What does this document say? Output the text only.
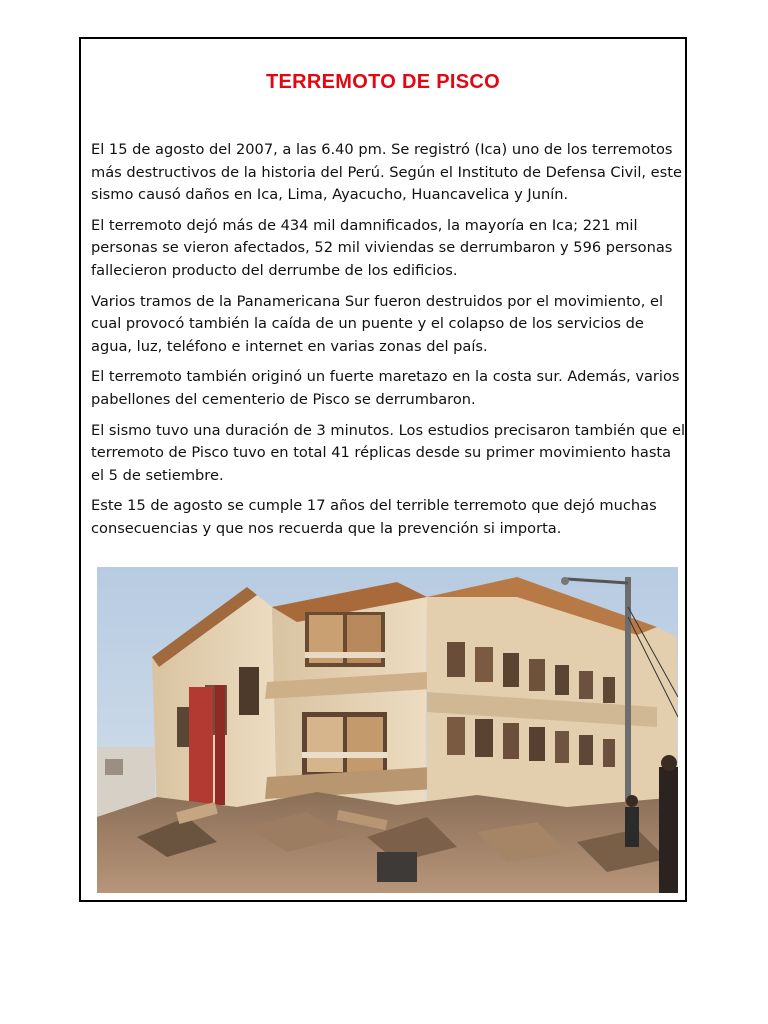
TERREMOTO DE PISCO

El 15 de agosto del 2007, a las 6.40 pm. Se registró (Ica) uno de los terremotos más destructivos de la historia del Perú. Según el Instituto de Defensa Civil, este sismo causó daños en Ica, Lima, Ayacucho, Huancavelica y Junín.

El terremoto dejó más de 434 mil damnificados, la mayoría en Ica; 221 mil personas se vieron afectados, 52 mil viviendas se derrumbaron y 596 personas fallecieron producto del derrumbe de los edificios.

Varios tramos de la Panamericana Sur fueron destruidos por el movimiento, el cual provocó también la caída de un puente y el colapso de los servicios de agua, luz, teléfono e internet en varias zonas del país.

El terremoto también originó un fuerte maretazo en la costa sur. Además, varios pabellones del cementerio de Pisco se derrumbaron.

El sismo tuvo una duración de 3 minutos. Los estudios precisaron también que el terremoto de Pisco tuvo en total 41 réplicas desde su primer movimiento hasta el 5 de setiembre.

Este 15 de agosto se cumple 17 años del terrible terremoto que dejó muchas consecuencias y que nos recuerda que la prevención si importa.
